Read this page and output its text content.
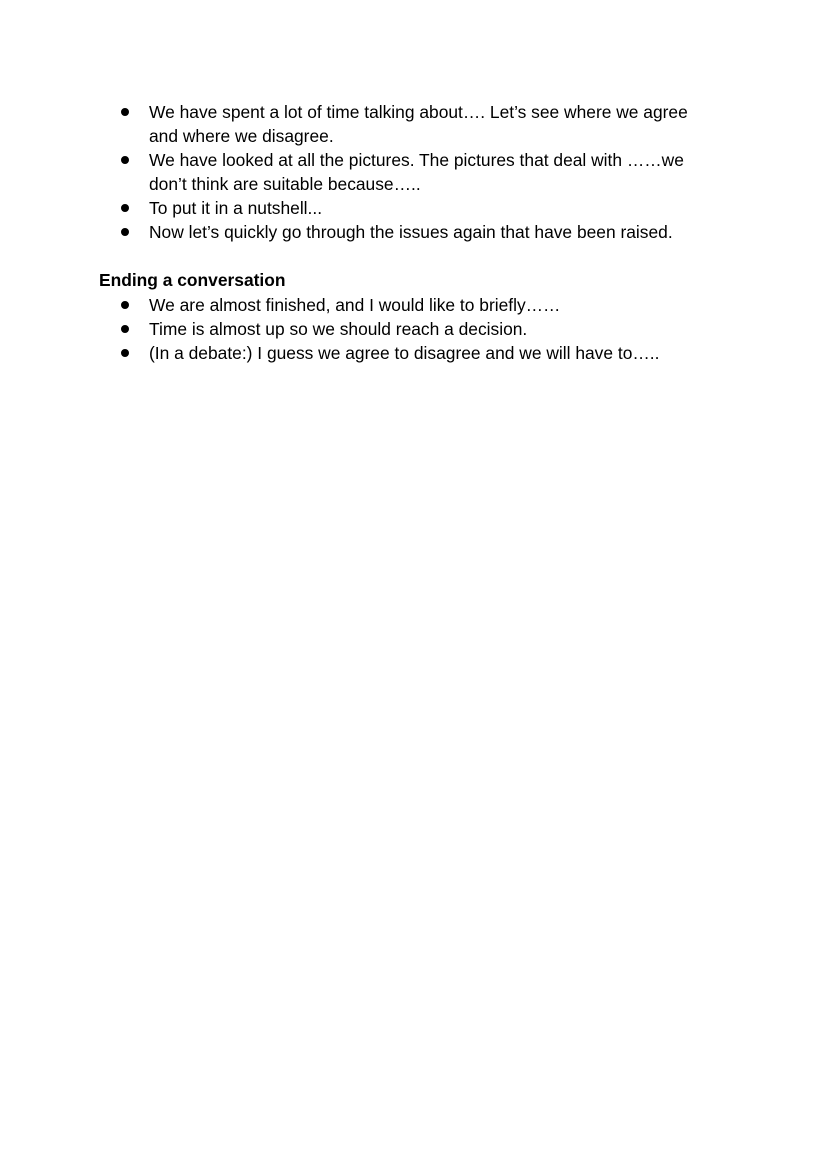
We have spent a lot of time talking about…. Let’s see where we agree and where we disagree.
We have looked at all the pictures. The pictures that deal with ……we don’t think are suitable because…..
To put it in a nutshell...
Now let’s quickly go through the issues again that have been raised.
Ending a conversation
We are almost finished, and I would like to briefly……
Time is almost up so we should reach a decision.
(In a debate:) I guess we agree to disagree and we will have to…..
